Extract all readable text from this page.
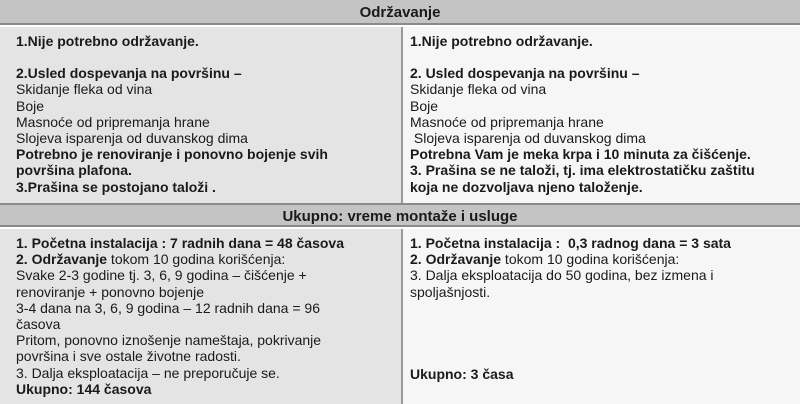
Održavanje
1.Nije potrebno održavanje.
2.Usled dospevanja na površinu –
Skidanje fleka od vina
Boje
Masnoće od pripremanja hrane
Slojeva isparenja od duvanskog dima
Potrebno je renoviranje i ponovno bojenje svih
površina plafona.
3.Prašina se postojano taloži .
1.Nije potrebno održavanje.
2. Usled dospevanja na površinu –
Skidanje fleka od vina
Boje
Masnoće od pripremanja hrane
Slojeva isparenja od duvanskog dima
Potrebna Vam je meka krpa i 10 minuta za čišćenje.
3. Prašina se ne taloži, tj. ima elektrostatičku zaštitu
koja ne dozvoljava njeno taloženje.
Ukupno: vreme montaže i usluge
1. Početna instalacija : 7 radnih dana = 48 časova
2. Održavanje tokom 10 godina korišćenja:
Svake 2-3 godine tj. 3, 6, 9 godina – čišćenje +
renoviranje + ponovno bojenje
3-4 dana na 3, 6, 9 godina – 12 radnih dana = 96
časova
Pritom, ponovno iznošenje nameštaja, pokrivanje
površina i sve ostale životne radosti.
3. Dalja eksploatacija – ne preporučuje se.
Ukupno: 144 časova
1. Početna instalacija :  0,3 radnog dana = 3 sata
2. Održavanje tokom 10 godina korišćenja:
3. Dalja eksploatacija do 50 godina, bez izmena i
spoljašnjosti.
Ukupno: 3 časa
